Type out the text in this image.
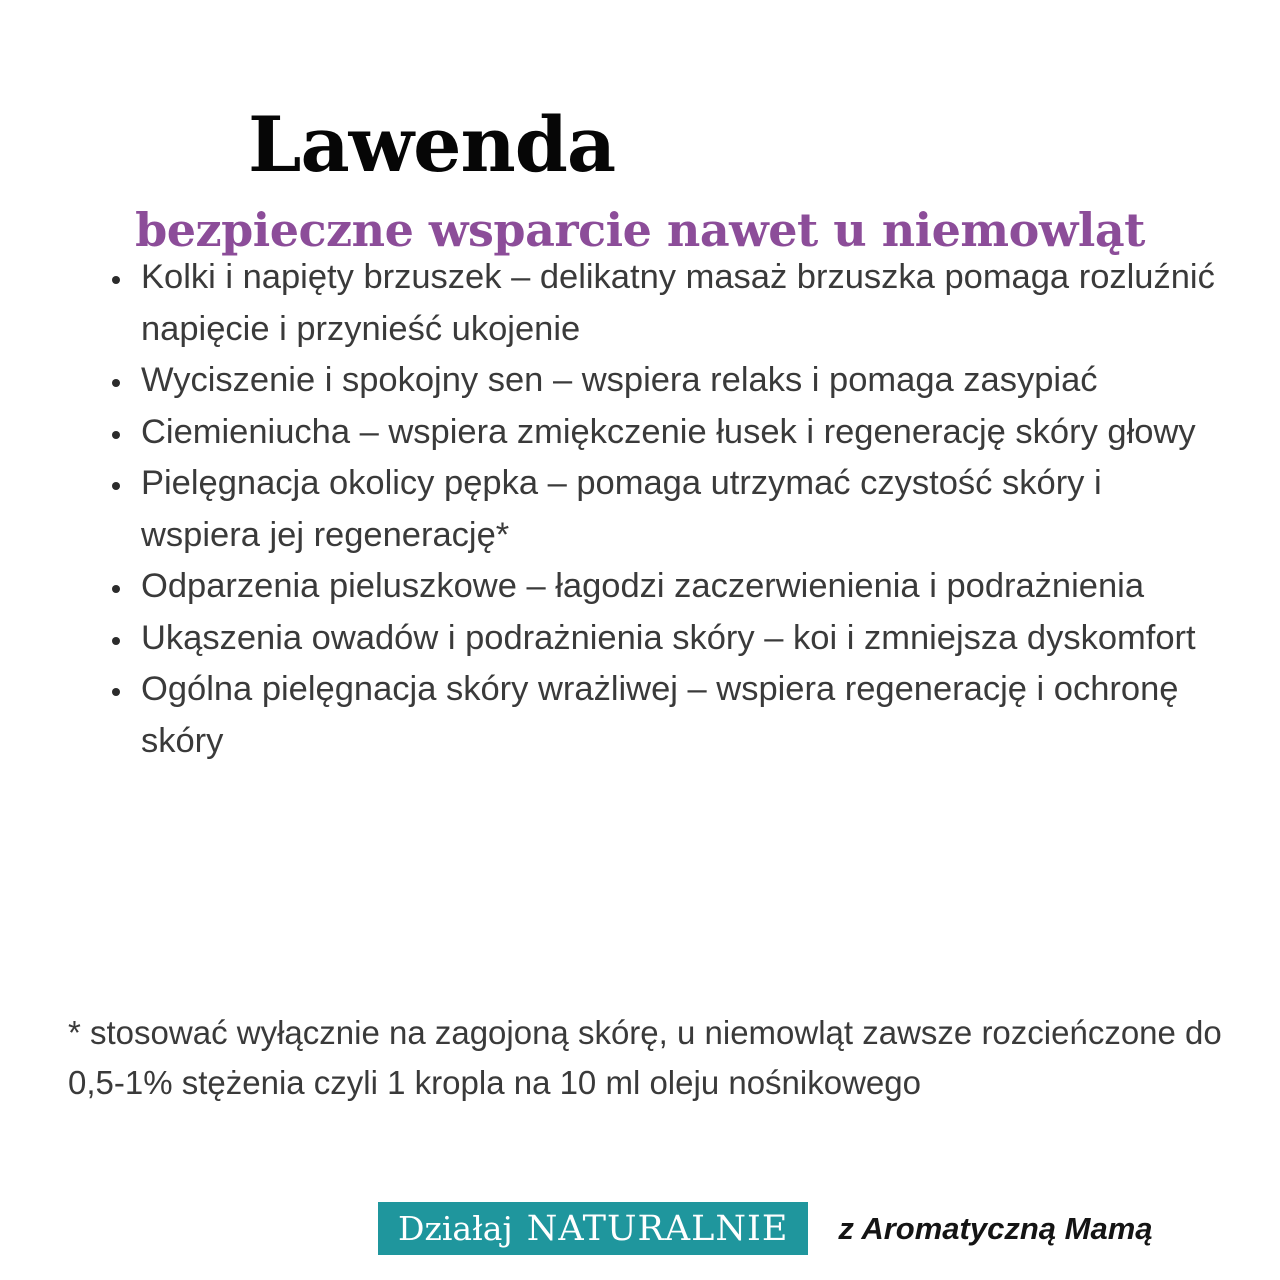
Lawenda
bezpieczne wsparcie nawet u niemowląt
• Kolki i napięty brzuszek – delikatny masaż brzuszka pomaga rozluźnić napięcie i przynieść ukojenie
• Wyciszenie i spokojny sen – wspiera relaks i pomaga zasypiać
• Ciemieniucha – wspiera zmiękczenie łusek i regenerację skóry głowy
• Pielęgnacja okolicy pępka – pomaga utrzymać czystość skóry i wspiera jej regenerację*
• Odparzenia pieluszkowe – łagodzi zaczerwienienia i podrażnienia
• Ukąszenia owadów i podrażnienia skóry – koi i zmniejsza dyskomfort
• Ogólna pielęgnacja skóry wrażliwej – wspiera regenerację i ochronę skóry

* stosować wyłącznie na zagojoną skórę, u niemowląt zawsze rozcieńczone do 0,5-1% stężenia czyli 1 kropla na 10 ml oleju nośnikowego

Działaj NATURALNIE z Aromatyczną Mamą
